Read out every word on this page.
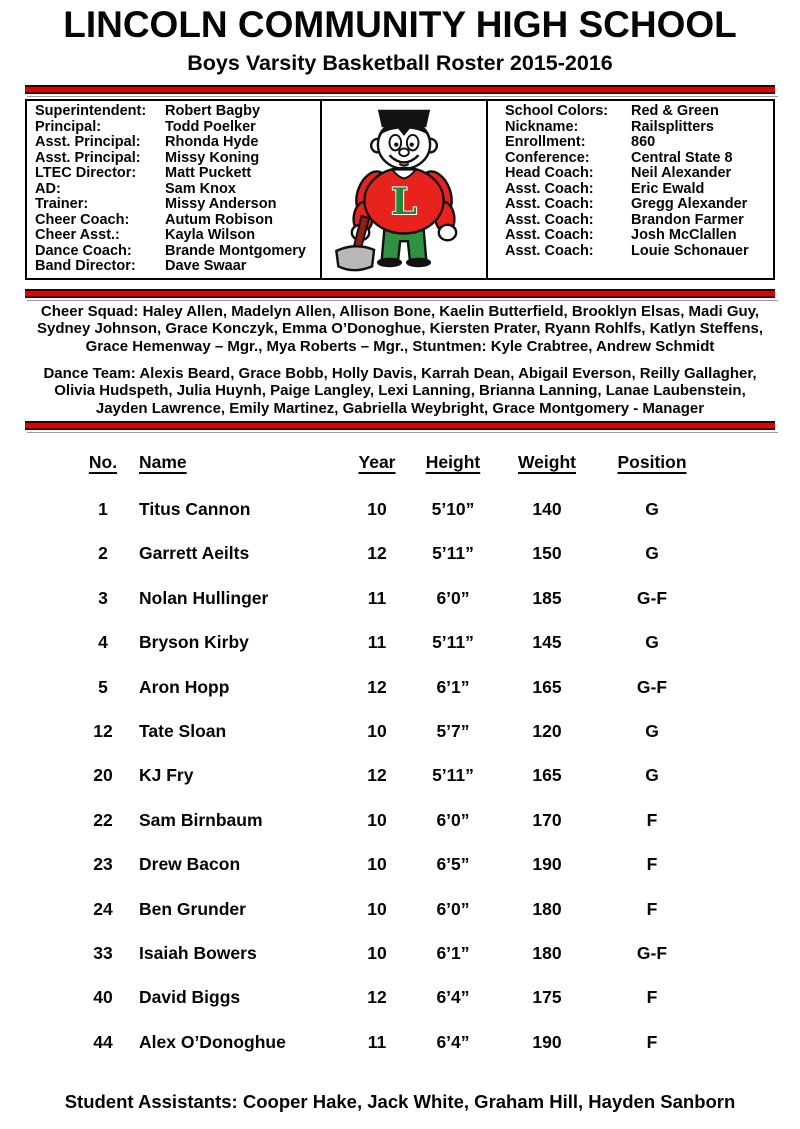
LINCOLN COMMUNITY HIGH SCHOOL
Boys Varsity Basketball Roster 2015-2016
Superintendent: Robert Bagby
Principal:	Todd Poelker
Asst. Principal: Rhonda Hyde
Asst. Principal: Missy Koning
LTEC Director: Matt Puckett
AD:	Sam Knox
Trainer:	Missy Anderson
Cheer Coach: Autum Robison
Cheer Asst.:	Kayla Wilson
Dance Coach: Brande Montgomery
Band Director: Dave Swaar
L
School Colors: Red & Green
Nickname:	Railsplitters
Enrollment:	860
Conference:	Central State 8
Head Coach:	Neil Alexander
Asst. Coach:	Eric Ewald
Asst. Coach:	Gregg Alexander
Asst. Coach:	Brandon Farmer
Asst. Coach:	Josh McClallen
Asst. Coach:	Louie Schonauer
Cheer Squad: Haley Allen, Madelyn Allen, Allison Bone, Kaelin Butterfield, Brooklyn Elsas, Madi Guy,
Sydney Johnson, Grace Konczyk, Emma O’Donoghue, Kiersten Prater, Ryann Rohlfs, Katlyn Steffens,
Grace Hemenway – Mgr., Mya Roberts – Mgr., Stuntmen: Kyle Crabtree, Andrew Schmidt
Dance Team: Alexis Beard, Grace Bobb, Holly Davis, Karrah Dean, Abigail Everson, Reilly Gallagher,
Olivia Hudspeth, Julia Huynh, Paige Langley, Lexi Lanning, Brianna Lanning, Lanae Laubenstein,
Jayden Lawrence, Emily Martinez, Gabriella Weybright, Grace Montgomery - Manager
No.	Name	Year	Height	Weight	Position
1	Titus Cannon	10	5’10”	140	G
2	Garrett Aeilts	12	5’11”	150	G
3	Nolan Hullinger	11	6’0”	185	G-F
4	Bryson Kirby	11	5’11”	145	G
5	Aron Hopp	12	6’1”	165	G-F
12	Tate Sloan	10	5’7”	120	G
20	KJ Fry	12	5’11”	165	G
22	Sam Birnbaum	10	6’0”	170	F
23	Drew Bacon	10	6’5”	190	F
24	Ben Grunder	10	6’0”	180	F
33	Isaiah Bowers	10	6’1”	180	G-F
40	David Biggs	12	6’4”	175	F
44	Alex O’Donoghue	11	6’4”	190	F
Student Assistants: Cooper Hake, Jack White, Graham Hill, Hayden Sanborn
